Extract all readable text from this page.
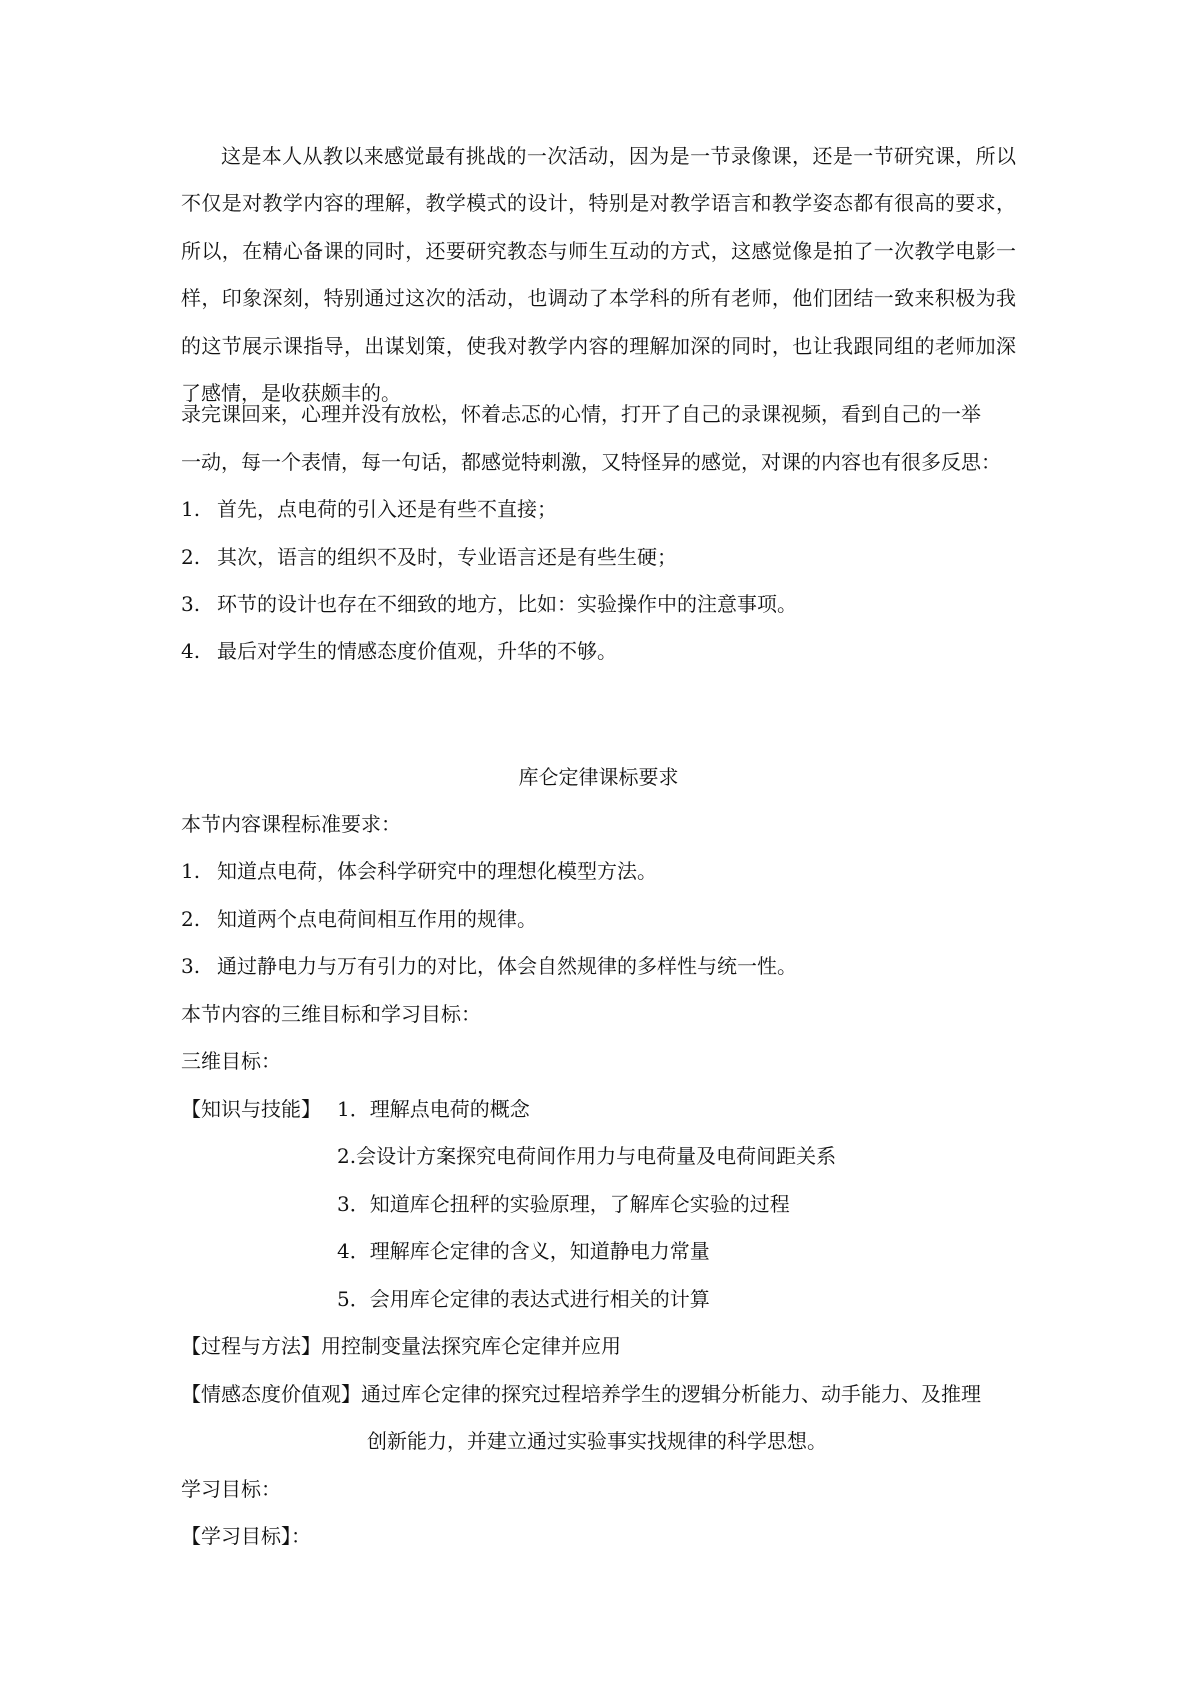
这是本人从教以来感觉最有挑战的一次活动，因为是一节录像课，还是一节研究课，所以不仅是对教学内容的理解，教学模式的设计，特别是对教学语言和教学姿态都有很高的要求，所以，在精心备课的同时，还要研究教态与师生互动的方式，这感觉像是拍了一次教学电影一样，印象深刻，特别通过这次的活动，也调动了本学科的所有老师，他们团结一致来积极为我的这节展示课指导，出谋划策，使我对教学内容的理解加深的同时，也让我跟同组的老师加深了感情，是收获颇丰的。

录完课回来，心理并没有放松，怀着忐忑的心情，打开了自己的录课视频，看到自己的一举
一动，每一个表情，每一句话，都感觉特刺激，又特怪异的感觉，对课的内容也有很多反思：
1. 首先，点电荷的引入还是有些不直接；
2. 其次，语言的组织不及时，专业语言还是有些生硬；
3. 环节的设计也存在不细致的地方，比如：实验操作中的注意事项。
4. 最后对学生的情感态度价值观，升华的不够。
库仑定律课标要求
本节内容课程标准要求：
1. 知道点电荷，体会科学研究中的理想化模型方法。
2. 知道两个点电荷间相互作用的规律。
3. 通过静电力与万有引力的对比，体会自然规律的多样性与统一性。
本节内容的三维目标和学习目标：
三维目标：
【知识与技能】 1．理解点电荷的概念
2.会设计方案探究电荷间作用力与电荷量及电荷间距关系
3．知道库仑扭秤的实验原理，了解库仑实验的过程
4．理解库仑定律的含义，知道静电力常量
5．会用库仑定律的表达式进行相关的计算
【过程与方法】用控制变量法探究库仑定律并应用
【情感态度价值观】通过库仑定律的探究过程培养学生的逻辑分析能力、动手能力、及推理
创新能力，并建立通过实验事实找规律的科学思想。
学习目标：
【学习目标】：
